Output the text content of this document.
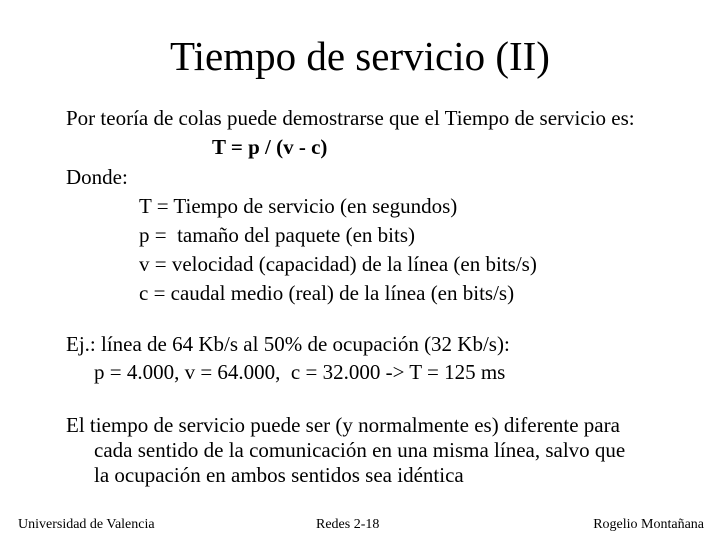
Tiempo de servicio (II)
Por teoría de colas puede demostrarse que el Tiempo de servicio es:
T = p / (v - c)
Donde:
T = Tiempo de servicio (en segundos)
p =  tamaño del paquete (en bits)
v = velocidad (capacidad) de la línea (en bits/s)
c = caudal medio (real) de la línea (en bits/s)
Ej.: línea de 64 Kb/s al 50% de ocupación (32 Kb/s):
p = 4.000, v = 64.000,  c = 32.000 -> T = 125 ms
El tiempo de servicio puede ser (y normalmente es) diferente para
cada sentido de la comunicación en una misma línea, salvo que
la ocupación en ambos sentidos sea idéntica
Universidad de Valencia	Redes 2-18	Rogelio Montañana
